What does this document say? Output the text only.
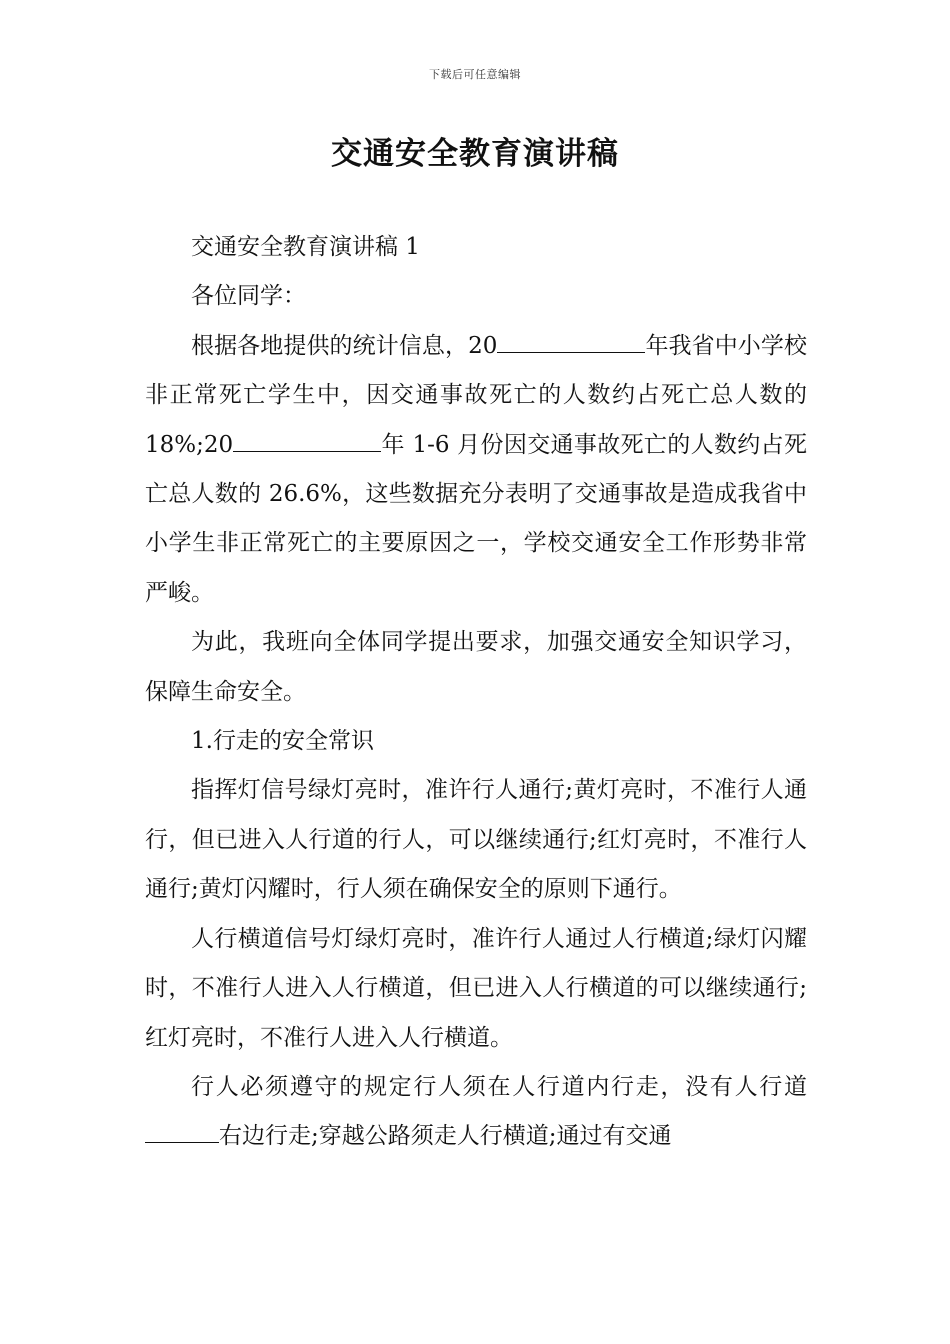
下载后可任意编辑
交通安全教育演讲稿

交通安全教育演讲稿 1

各位同学：

根据各地提供的统计信息，20	年我省中小学校非正常死亡学生中，因交通事故死亡的人数约占死亡总人数的 18%;20	年 1-6 月份因交通事故死亡的人数约占死亡总人数的 26.6%，这些数据充分表明了交通事故是造成我省中小学生非正常死亡的主要原因之一，学校交通安全工作形势非常严峻。

为此，我班向全体同学提出要求，加强交通安全知识学习，保障生命安全。

1.行走的安全常识

指挥灯信号绿灯亮时，准许行人通行;黄灯亮时，不准行人通行，但已进入人行道的行人，可以继续通行;红灯亮时，不准行人通行;黄灯闪耀时，行人须在确保安全的原则下通行。

人行横道信号灯绿灯亮时，准许行人通过人行横道;绿灯闪耀时，不准行人进入人行横道，但已进入人行横道的可以继续通行;红灯亮时，不准行人进入人行横道。

行人必须遵守的规定行人须在人行道内行走，没有人行道右边行走;穿越公路须走人行横道;通过有交通
